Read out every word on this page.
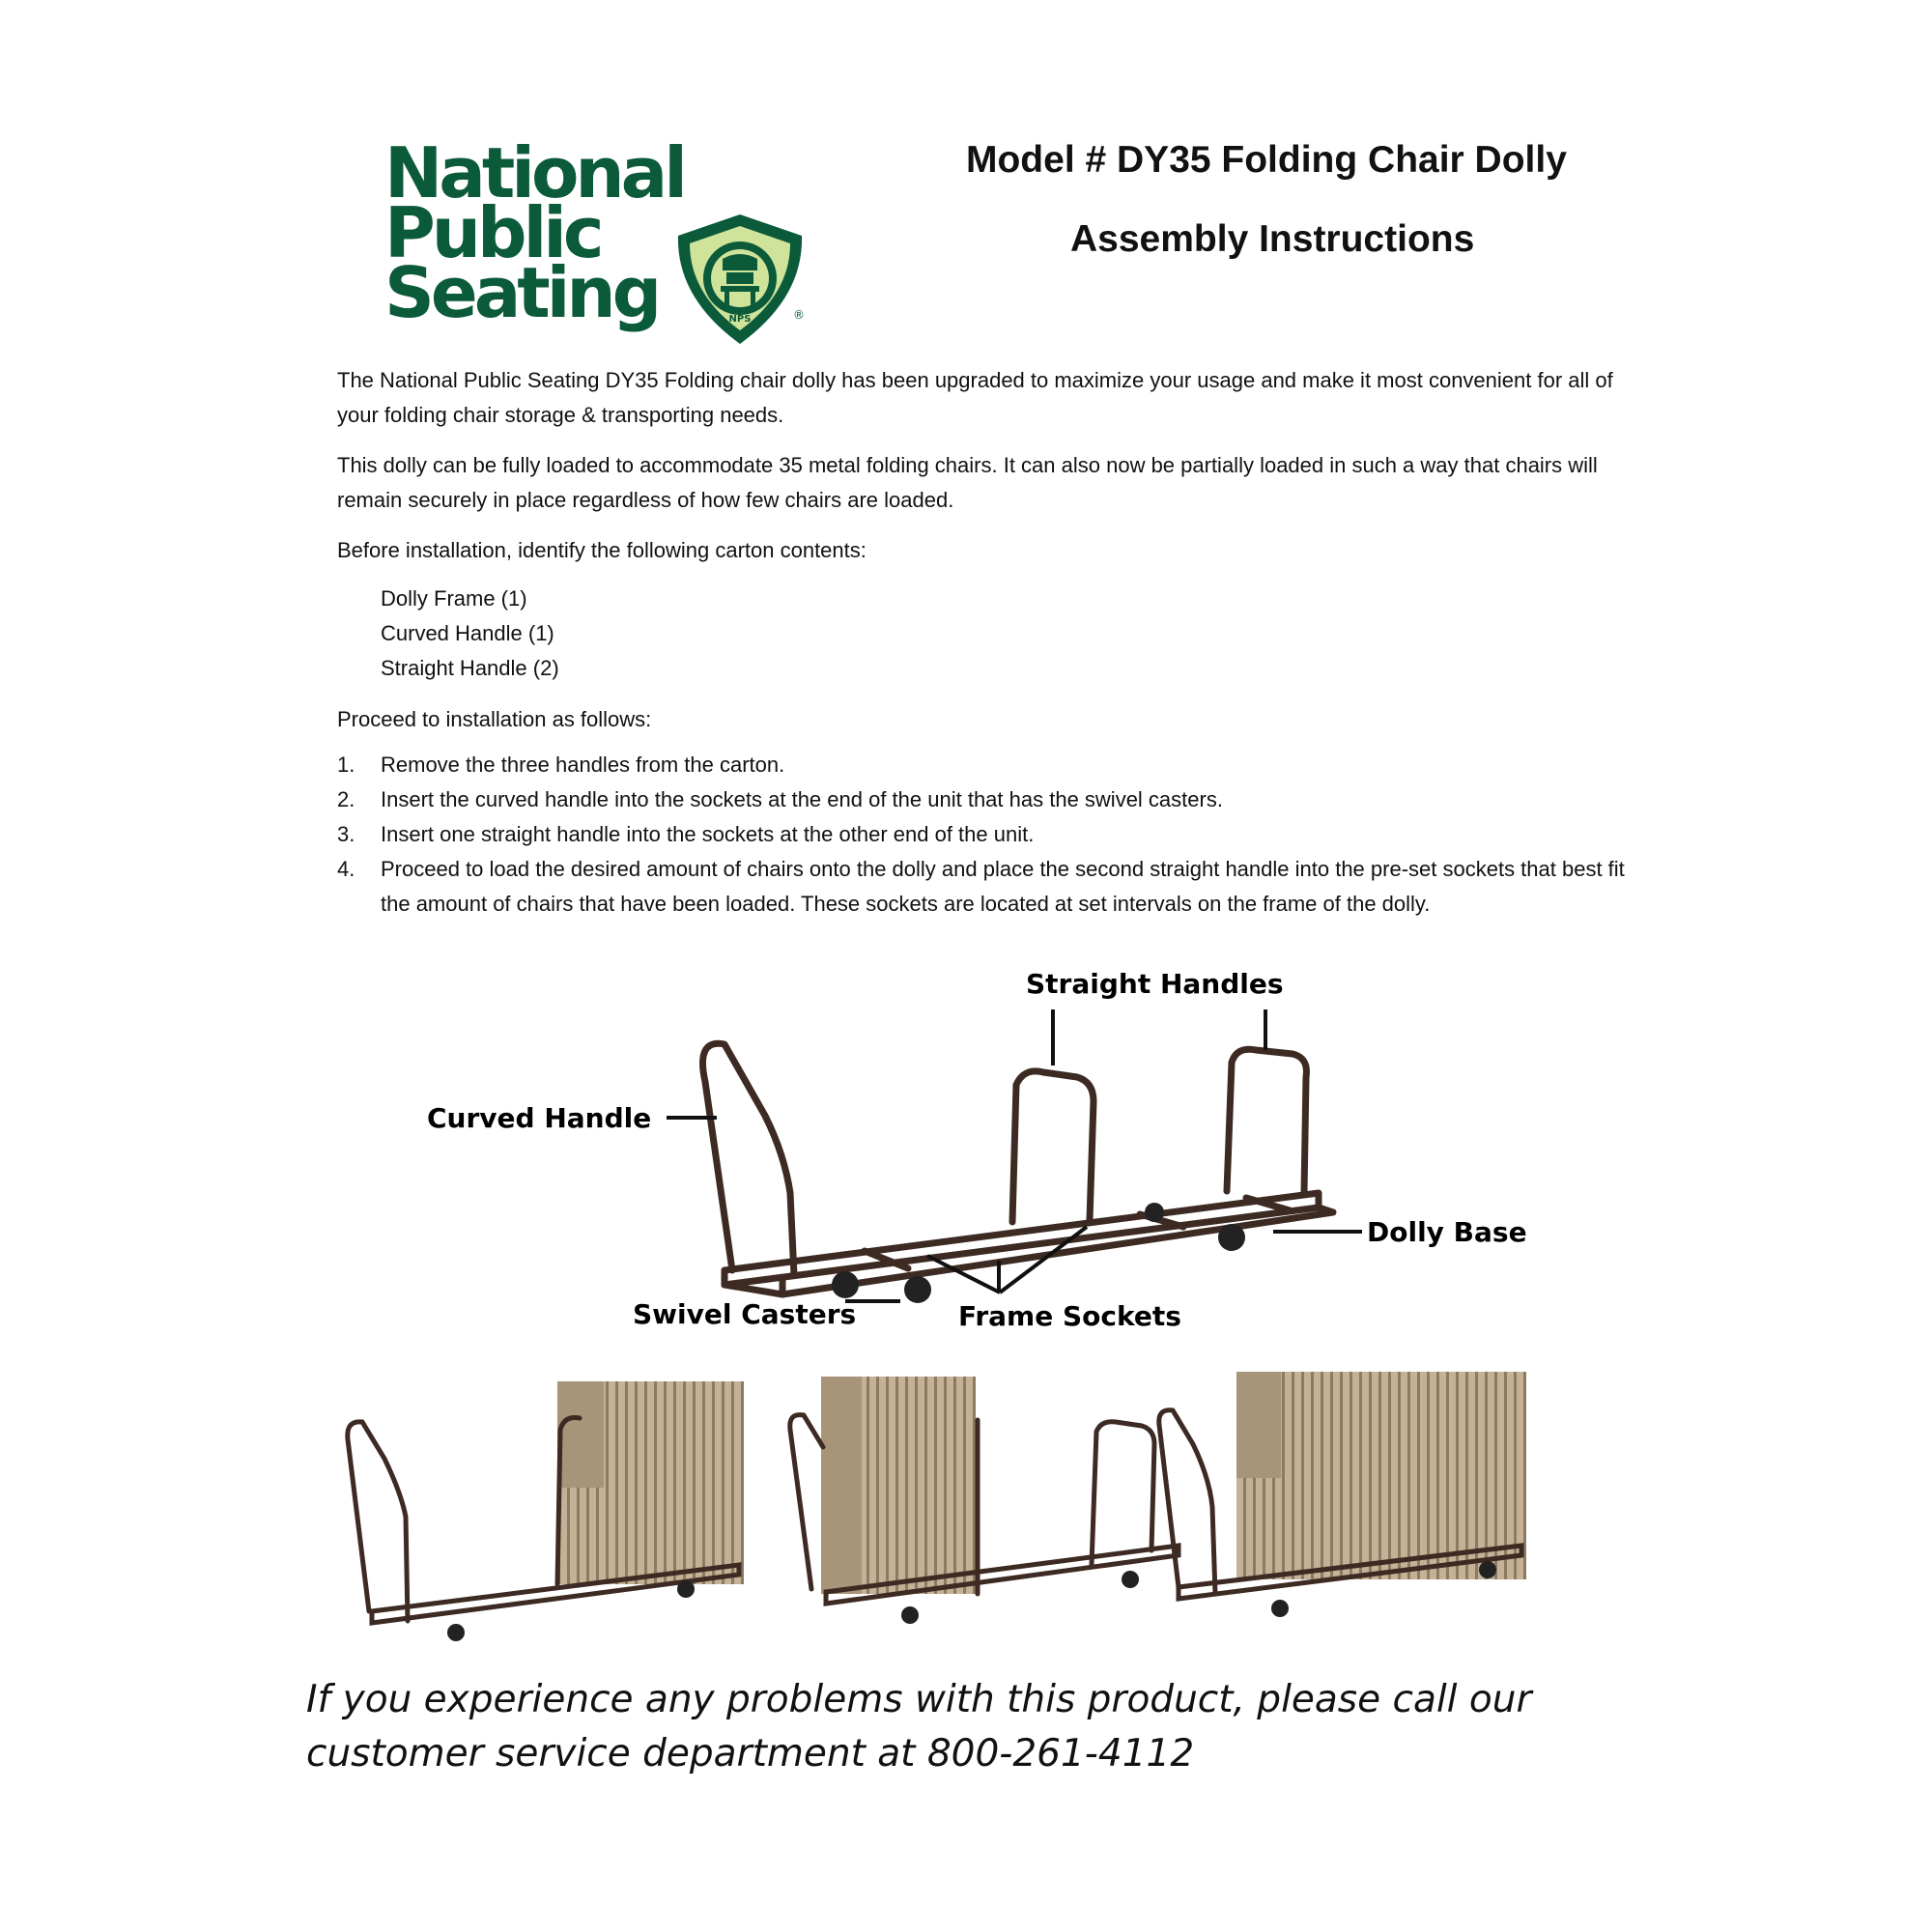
National
Public
Seating	NPS	®
Model # DY35 Folding Chair Dolly
Assembly Instructions
The National Public Seating DY35 Folding chair dolly has been upgraded to maximize your usage and make it most convenient for all of your folding chair storage & transporting needs.
This dolly can be fully loaded to accommodate 35 metal folding chairs. It can also now be partially loaded in such a way that chairs will remain securely in place regardless of how few chairs are loaded.
Before installation, identify the following carton contents:
Dolly Frame (1)
Curved Handle (1)
Straight Handle (2)
Proceed to installation as follows:
1.	Remove the three handles from the carton.
2.	Insert the curved handle into the sockets at the end of the unit that has the swivel casters.
3.	Insert one straight handle into the sockets at the other end of the unit.
4.	Proceed to load the desired amount of chairs onto the dolly and place the second straight handle into the pre-set sockets that best fit the amount of chairs that have been loaded. These sockets are located at set intervals on the frame of the dolly.
Straight Handles
Curved Handle
Dolly Base
Swivel Casters	Frame Sockets
If you experience any problems with this product, please call our customer service department at 800-261-4112
